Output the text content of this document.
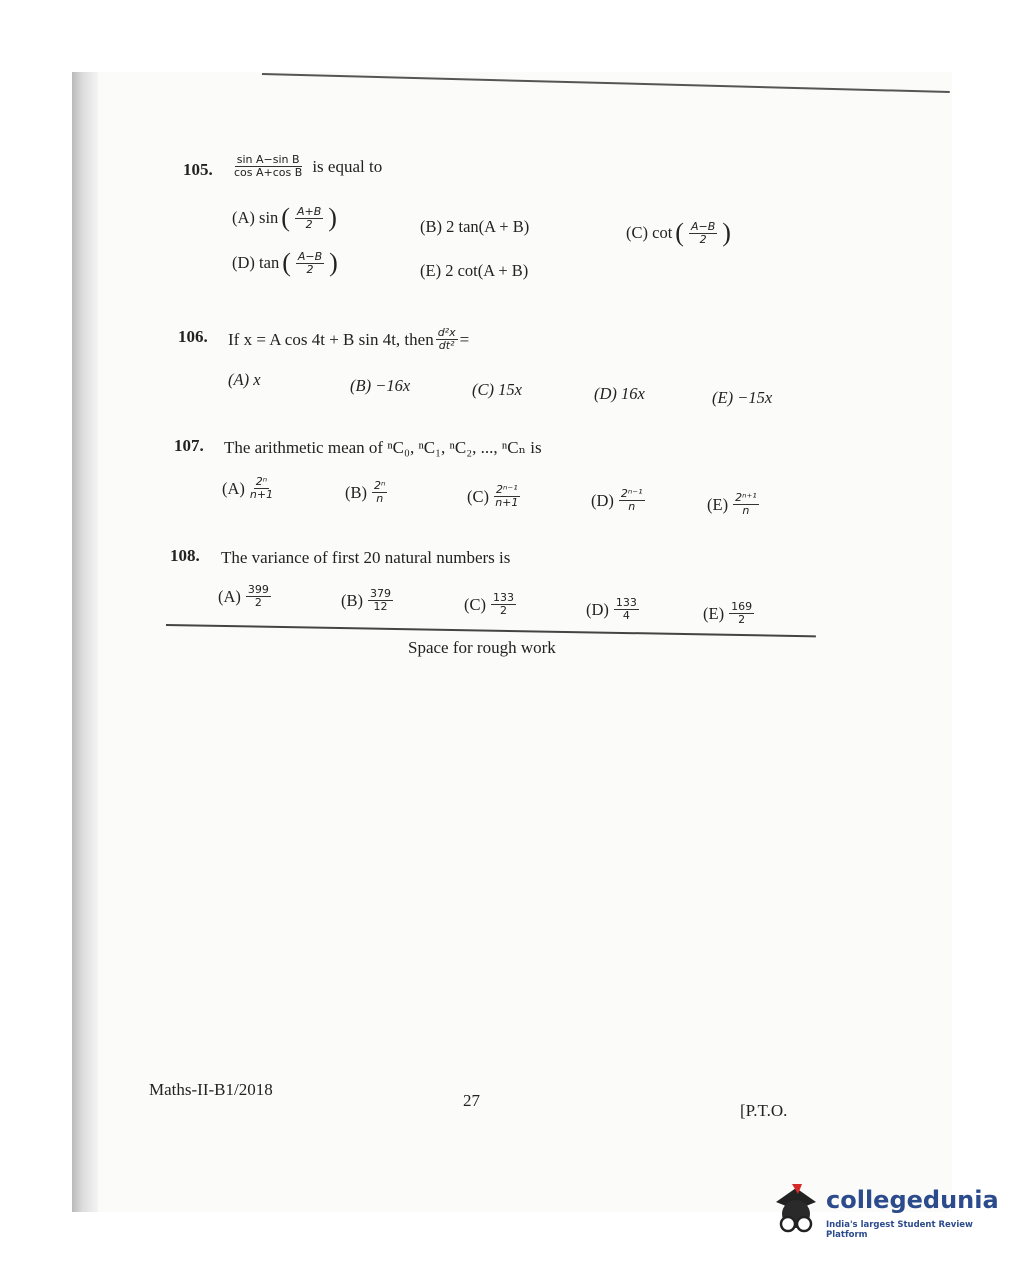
105. $\frac{\text{sin A−sin B}}{\text{cos A+cos B}}$ is equal to
(A) sin ( $\frac{A+B}{2}$ )	(B) 2 tan(A + B)	(C) cot ( $\frac{A-B}{2}$ )
(D) tan ( $\frac{A-B}{2}$ )	(E) 2 cot(A + B)
106. If x = A cos 4t + B sin 4t, then $\frac{\text{d²x}}{\text{dt²}}$ =
(A) x	(B) −16x	(C) 15x	(D) 16x	(E) −15x
107. The arithmetic mean of ⁿC₀, ⁿC₁, ⁿC₂, ..., ⁿCₙ is
$(A) \frac{\text{2ⁿ}}{n+1}$	$(B) \frac{\text{2ⁿ}}{n}$	$(C) \frac{\text{2ⁿ⁻¹}}{n+1}$	$(D) \frac{\text{2ⁿ⁻¹}}{n}$	$(E) \frac{\text{2ⁿ⁺¹}}{n}$
108. The variance of first 20 natural numbers is
$(A) \frac{399}{2}$	$(B) \frac{379}{12}$	$(C) \frac{133}{2}$	$(D) \frac{133}{4}$	$(E) \frac{169}{2}$
Space for rough work
Maths-II-B1/2018
27
[P.T.O.
collegedunia
India's largest Student Review Platform
